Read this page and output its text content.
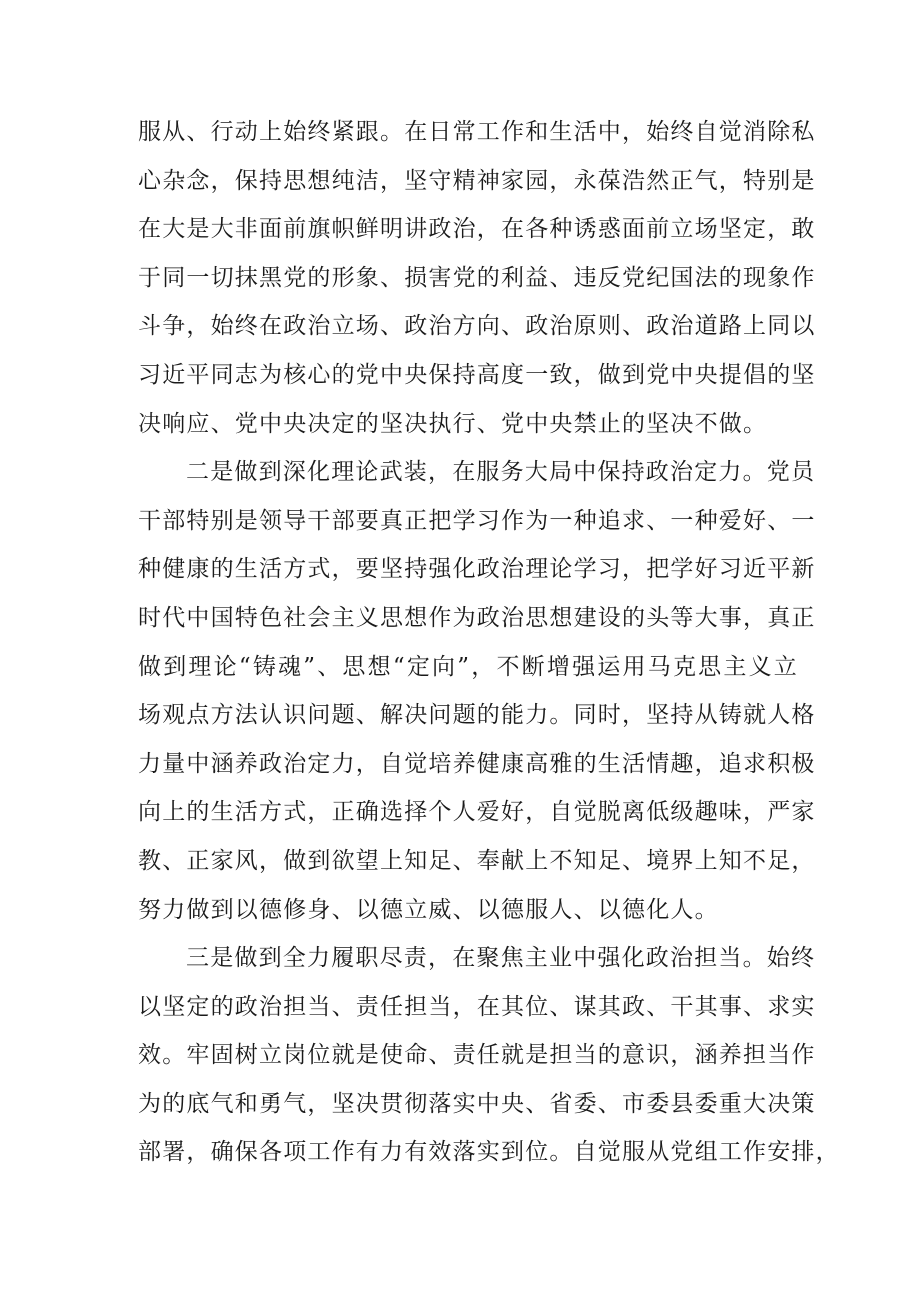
服从、行动上始终紧跟。在日常工作和生活中，始终自觉消除私
心杂念，保持思想纯洁，坚守精神家园，永葆浩然正气，特别是
在大是大非面前旗帜鲜明讲政治，在各种诱惑面前立场坚定，敢
于同一切抹黑党的形象、损害党的利益、违反党纪国法的现象作
斗争，始终在政治立场、政治方向、政治原则、政治道路上同以
习近平同志为核心的党中央保持高度一致，做到党中央提倡的坚
决响应、党中央决定的坚决执行、党中央禁止的坚决不做。
二是做到深化理论武装，在服务大局中保持政治定力。党员
干部特别是领导干部要真正把学习作为一种追求、一种爱好、一
种健康的生活方式，要坚持强化政治理论学习，把学好习近平新
时代中国特色社会主义思想作为政治思想建设的头等大事，真正
做到理论“铸魂”、思想“定向”，不断增强运用马克思主义立
场观点方法认识问题、解决问题的能力。同时，坚持从铸就人格
力量中涵养政治定力，自觉培养健康高雅的生活情趣，追求积极
向上的生活方式，正确选择个人爱好，自觉脱离低级趣味，严家
教、正家风，做到欲望上知足、奉献上不知足、境界上知不足，
努力做到以德修身、以德立威、以德服人、以德化人。
三是做到全力履职尽责，在聚焦主业中强化政治担当。始终
以坚定的政治担当、责任担当，在其位、谋其政、干其事、求实
效。牢固树立岗位就是使命、责任就是担当的意识，涵养担当作
为的底气和勇气，坚决贯彻落实中央、省委、市委县委重大决策
部署，确保各项工作有力有效落实到位。自觉服从党组工作安排，
